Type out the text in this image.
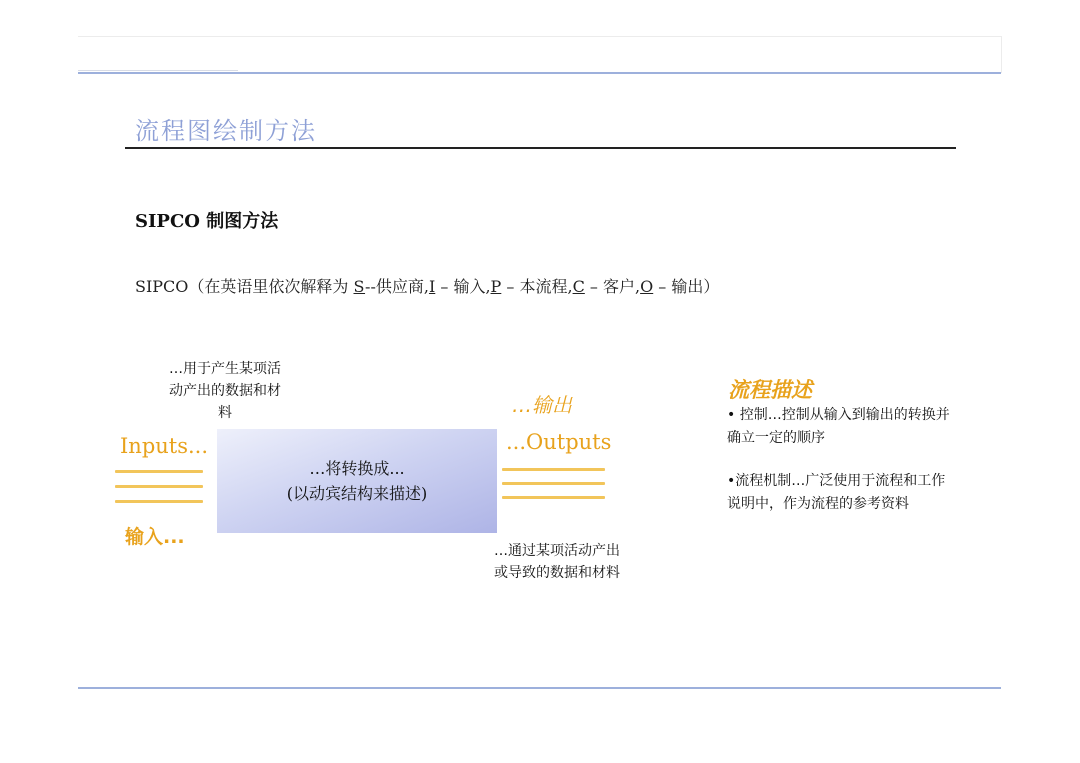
流程图绘制方法
SIPCO 制图方法
SIPCO（在英语里依次解释为 S--供应商,I – 输入,P – 本流程,C – 客户,O – 输出）
…用于产生某项活
动产出的数据和材
料
Inputs...
输入...
…将转换成...
(以动宾结构来描述)
…输出
...Outputs
…通过某项活动产出
或导致的数据和材料
流程描述

• 控制…控制从输入到输出的转换并确立一定的顺序

•流程机制…广泛使用于流程和工作说明中，作为流程的参考资料
